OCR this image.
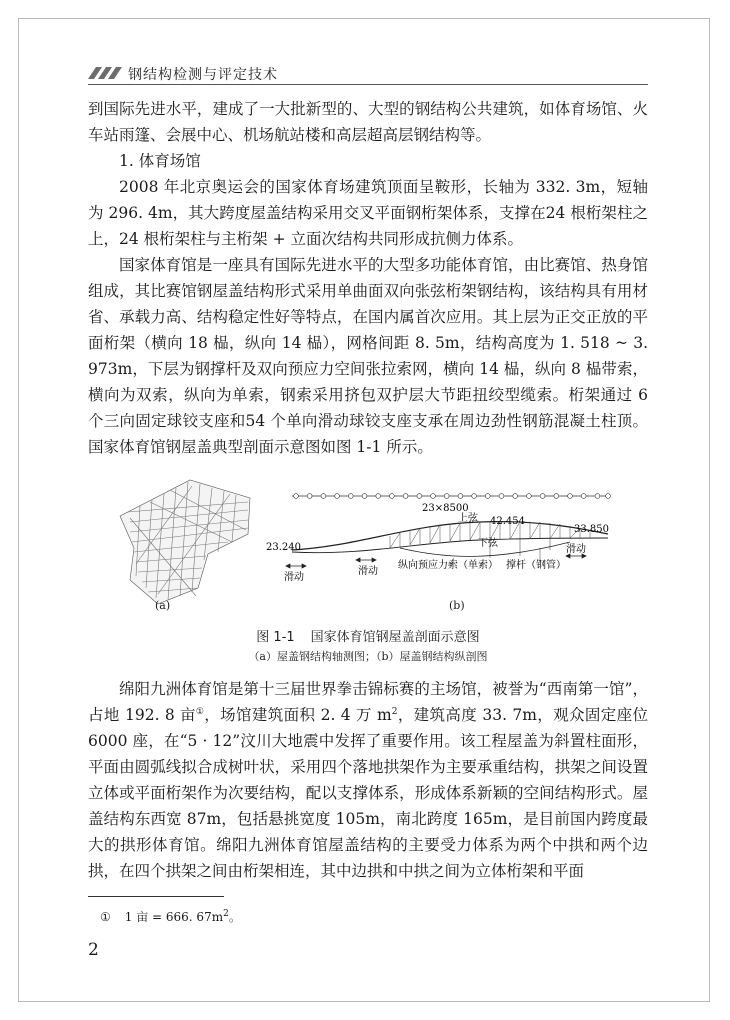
钢结构检测与评定技术

到国际先进水平，建成了一大批新型的、大型的钢结构公共建筑，如体育场馆、火车站雨篷、会展中心、机场航站楼和高层超高层钢结构等。

1. 体育场馆

2008 年北京奥运会的国家体育场建筑顶面呈鞍形，长轴为 332. 3m，短轴为 296. 4m，其大跨度屋盖结构采用交叉平面钢桁架体系，支撑在24 根桁架柱之上，24 根桁架柱与主桁架 + 立面次结构共同形成抗侧力体系。

国家体育馆是一座具有国际先进水平的大型多功能体育馆，由比赛馆、热身馆组成，其比赛馆钢屋盖结构形式采用单曲面双向张弦桁架钢结构，该结构具有用材省、承载力高、结构稳定性好等特点，在国内属首次应用。其上层为正交正放的平面桁架（横向 18 榀，纵向 14 榀），网格间距 8. 5m，结构高度为 1. 518 ~ 3. 973m，下层为钢撑杆及双向预应力空间张拉索网，横向 14 榀，纵向 8 榀带索，横向为双索，纵向为单索，钢索采用挤包双护层大节距扭绞型缆索。桁架通过 6 个三向固定球铰支座和54 个单向滑动球铰支座支承在周边劲性钢筋混凝土柱顶。国家体育馆钢屋盖典型剖面示意图如图 1-1 所示。

23×8500
上弦
下弦
23.240
42.454
33.850
滑动
滑动
滑动
纵向预应力索（单索） 撑杆（钢管）
(a)	(b)
图 1-1 国家体育馆钢屋盖剖面示意图
（a）屋盖钢结构轴测图；（b）屋盖钢结构纵剖图

绵阳九洲体育馆是第十三届世界拳击锦标赛的主场馆，被誉为“西南第一馆”，占地 192. 8 亩①，场馆建筑面积 2. 4 万 $m^2$，建筑高度 33. 7m，观众固定座位 6000 座，在“5 · 12”汶川大地震中发挥了重要作用。该工程屋盖为斜置柱面形，平面由圆弧线拟合成树叶状，采用四个落地拱架作为主要承重结构，拱架之间设置立体或平面桁架作为次要结构，配以支撑体系，形成体系新颖的空间结构形式。屋盖结构东西宽 87m，包括悬挑宽度 105m，南北跨度 165m，是目前国内跨度最大的拱形体育馆。绵阳九洲体育馆屋盖结构的主要受力体系为两个中拱和两个边拱，在四个拱架之间由桁架相连，其中边拱和中拱之间为立体桁架和平面

① 1 亩 = 666. $67m^2$。
2
